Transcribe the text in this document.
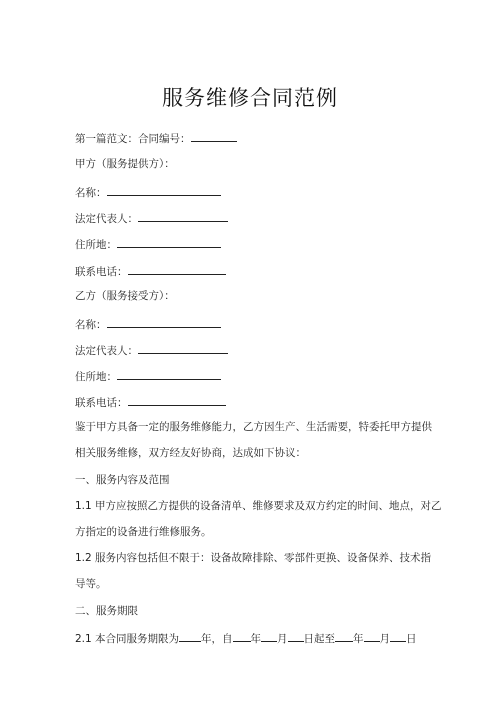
服务维修合同范例
第一篇范文：合同编号：
甲方（服务提供方）：
名称：
法定代表人：
住所地：
联系电话：
乙方（服务接受方）：
名称：
法定代表人：
住所地：
联系电话：
鉴于甲方具备一定的服务维修能力，乙方因生产、生活需要，特委托甲方提供
相关服务维修，双方经友好协商，达成如下协议：
一、服务内容及范围
1.1 甲方应按照乙方提供的设备清单、维修要求及双方约定的时间、地点，对乙
方指定的设备进行维修服务。
1.2 服务内容包括但不限于：设备故障排除、零部件更换、设备保养、技术指
导等。
二、服务期限
2.1 本合同服务期限为 年，自 年 月 日起至 年 月 日
